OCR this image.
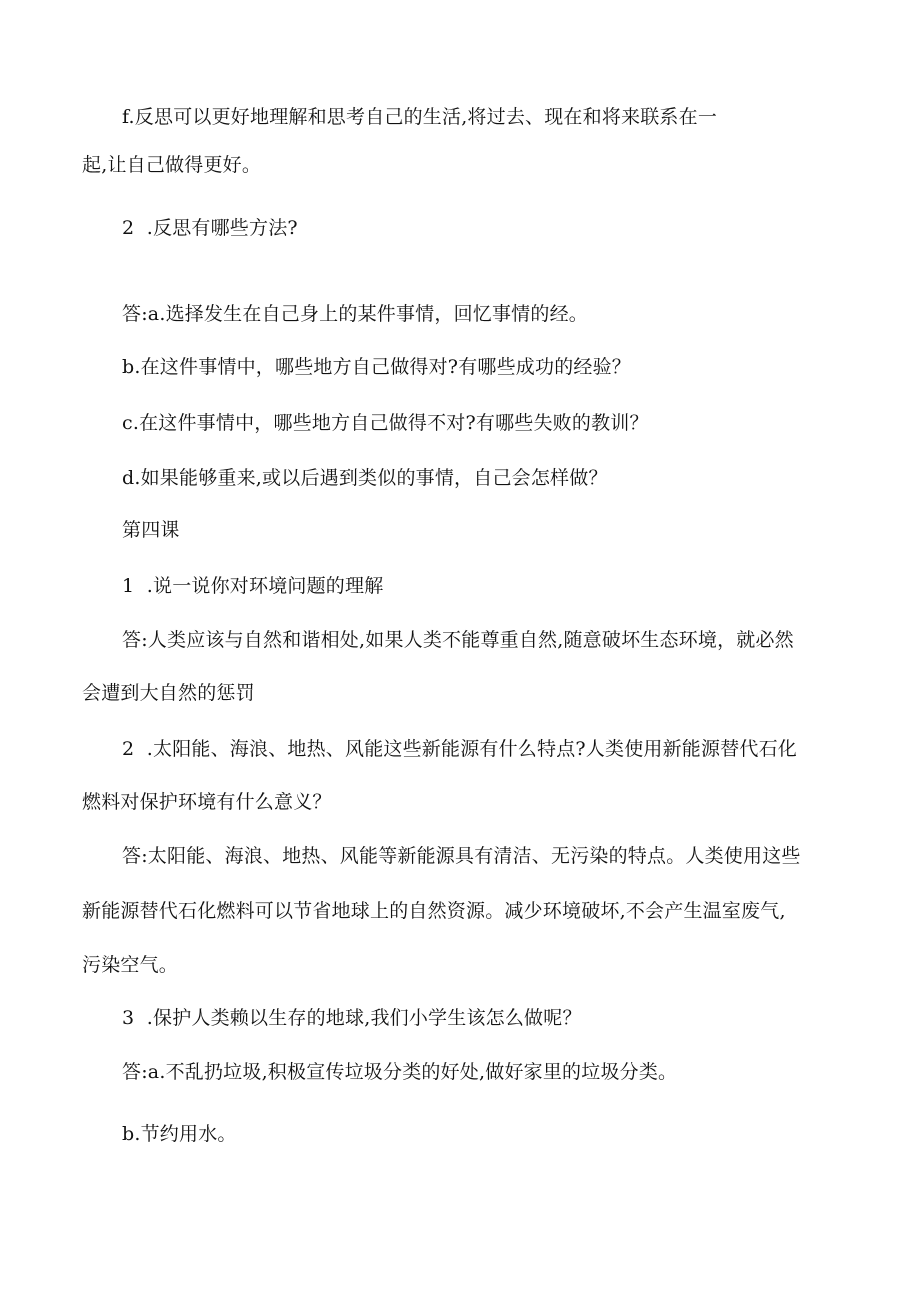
f.反思可以更好地理解和思考自己的生活,将过去、现在和将来联系在一
起,让自己做得更好。
2  .反思有哪些方法?
答:a.选择发生在自己身上的某件事情，回忆事情的经。
b.在这件事情中，哪些地方自己做得对?有哪些成功的经验？
c.在这件事情中，哪些地方自己做得不对?有哪些失败的教训？
d.如果能够重来,或以后遇到类似的事情，自己会怎样做？
第四课
1  .说一说你对环境问题的理解
答:人类应该与自然和谐相处,如果人类不能尊重自然,随意破坏生态环境，就必然
会遭到大自然的惩罚
2  .太阳能、海浪、地热、风能这些新能源有什么特点?人类使用新能源替代石化
燃料对保护环境有什么意义？
答:太阳能、海浪、地热、风能等新能源具有清洁、无污染的特点。人类使用这些
新能源替代石化燃料可以节省地球上的自然资源。减少环境破坏,不会产生温室废气,
污染空气。
3  .保护人类赖以生存的地球,我们小学生该怎么做呢？
答:a.不乱扔垃圾,积极宣传垃圾分类的好处,做好家里的垃圾分类。
b.节约用水。
